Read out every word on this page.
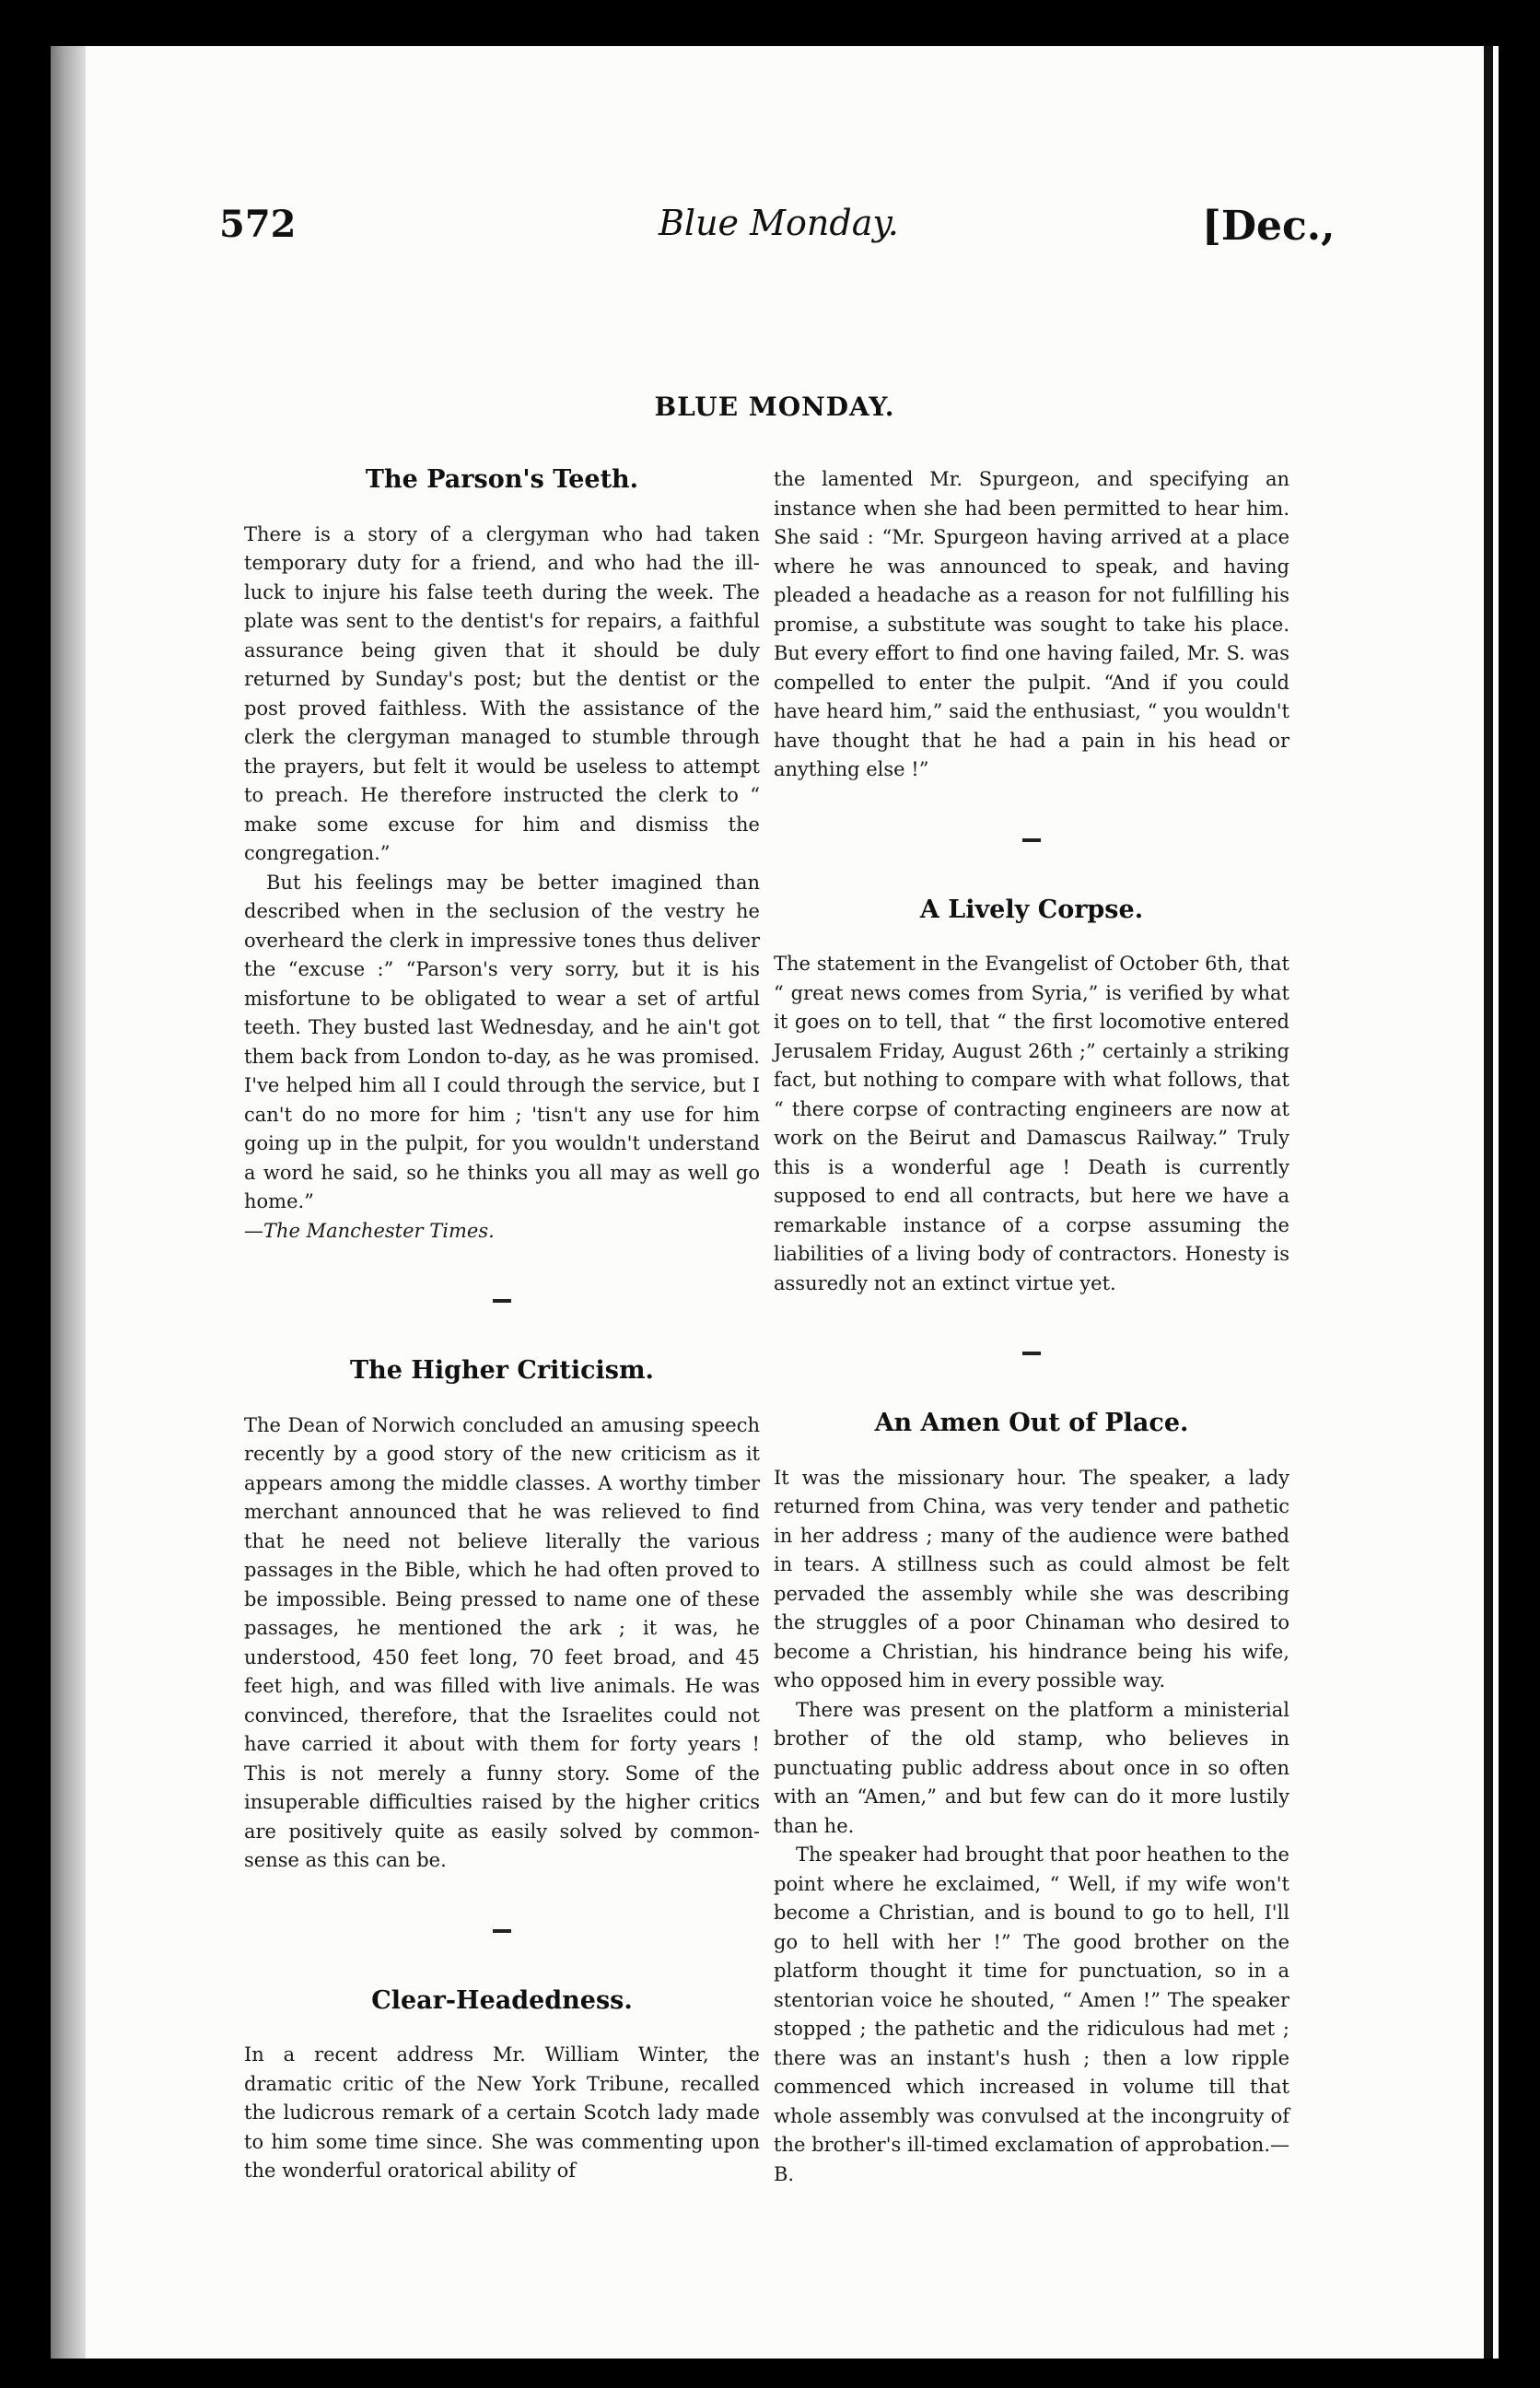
572	Blue Monday.	[Dec.,
BLUE MONDAY.
The Parson's Teeth.

There is a story of a clergyman who had taken temporary duty for a friend, and who had the ill-luck to injure his false teeth during the week. The plate was sent to the dentist's for repairs, a faithful assurance being given that it should be duly returned by Sunday's post; but the dentist or the post proved faithless. With the assistance of the clerk the clergyman managed to stumble through the prayers, but felt it would be useless to attempt to preach. He therefore instructed the clerk to “ make some excuse for him and dismiss the congregation.”

But his feelings may be better imagined than described when in the seclusion of the vestry he overheard the clerk in impressive tones thus deliver the “excuse :” “Parson's very sorry, but it is his misfortune to be obligated to wear a set of artful teeth. They busted last Wednesday, and he ain't got them back from London to-day, as he was promised. I've helped him all I could through the service, but I can't do no more for him ; 'tisn't any use for him going up in the pulpit, for you wouldn't understand a word he said, so he thinks you all may as well go home.”

—The Manchester Times.

The Higher Criticism.

The Dean of Norwich concluded an amusing speech recently by a good story of the new criticism as it appears among the middle classes. A worthy timber merchant announced that he was relieved to find that he need not believe literally the various passages in the Bible, which he had often proved to be impossible. Being pressed to name one of these passages, he mentioned the ark ; it was, he understood, 450 feet long, 70 feet broad, and 45 feet high, and was filled with live animals. He was convinced, therefore, that the Israelites could not have carried it about with them for forty years ! This is not merely a funny story. Some of the insuperable difficulties raised by the higher critics are positively quite as easily solved by common-sense as this can be.

Clear-Headedness.

In a recent address Mr. William Winter, the dramatic critic of the New York Tribune, recalled the ludicrous remark of a certain Scotch lady made to him some time since. She was commenting upon the wonderful oratorical ability of

the lamented Mr. Spurgeon, and specifying an instance when she had been permitted to hear him. She said : “Mr. Spurgeon having arrived at a place where he was announced to speak, and having pleaded a headache as a reason for not fulfilling his promise, a substitute was sought to take his place. But every effort to find one having failed, Mr. S. was compelled to enter the pulpit. “And if you could have heard him,” said the enthusiast, “ you wouldn't have thought that he had a pain in his head or anything else !”

A Lively Corpse.

The statement in the Evangelist of October 6th, that “ great news comes from Syria,” is verified by what it goes on to tell, that “ the first locomotive entered Jerusalem Friday, August 26th ;” certainly a striking fact, but nothing to compare with what follows, that “ there corpse of contracting engineers are now at work on the Beirut and Damascus Railway.” Truly this is a wonderful age ! Death is currently supposed to end all contracts, but here we have a remarkable instance of a corpse assuming the liabilities of a living body of contractors. Honesty is assuredly not an extinct virtue yet.

An Amen Out of Place.

It was the missionary hour. The speaker, a lady returned from China, was very tender and pathetic in her address ; many of the audience were bathed in tears. A stillness such as could almost be felt pervaded the assembly while she was describing the struggles of a poor Chinaman who desired to become a Christian, his hindrance being his wife, who opposed him in every possible way.

There was present on the platform a ministerial brother of the old stamp, who believes in punctuating public address about once in so often with an “Amen,” and but few can do it more lustily than he.

The speaker had brought that poor heathen to the point where he exclaimed, “ Well, if my wife won't become a Christian, and is bound to go to hell, I'll go to hell with her !” The good brother on the platform thought it time for punctuation, so in a stentorian voice he shouted, “ Amen !” The speaker stopped ; the pathetic and the ridiculous had met ; there was an instant's hush ; then a low ripple commenced which increased in volume till that whole assembly was convulsed at the incongruity of the brother's ill-timed exclamation of approbation.—B.
